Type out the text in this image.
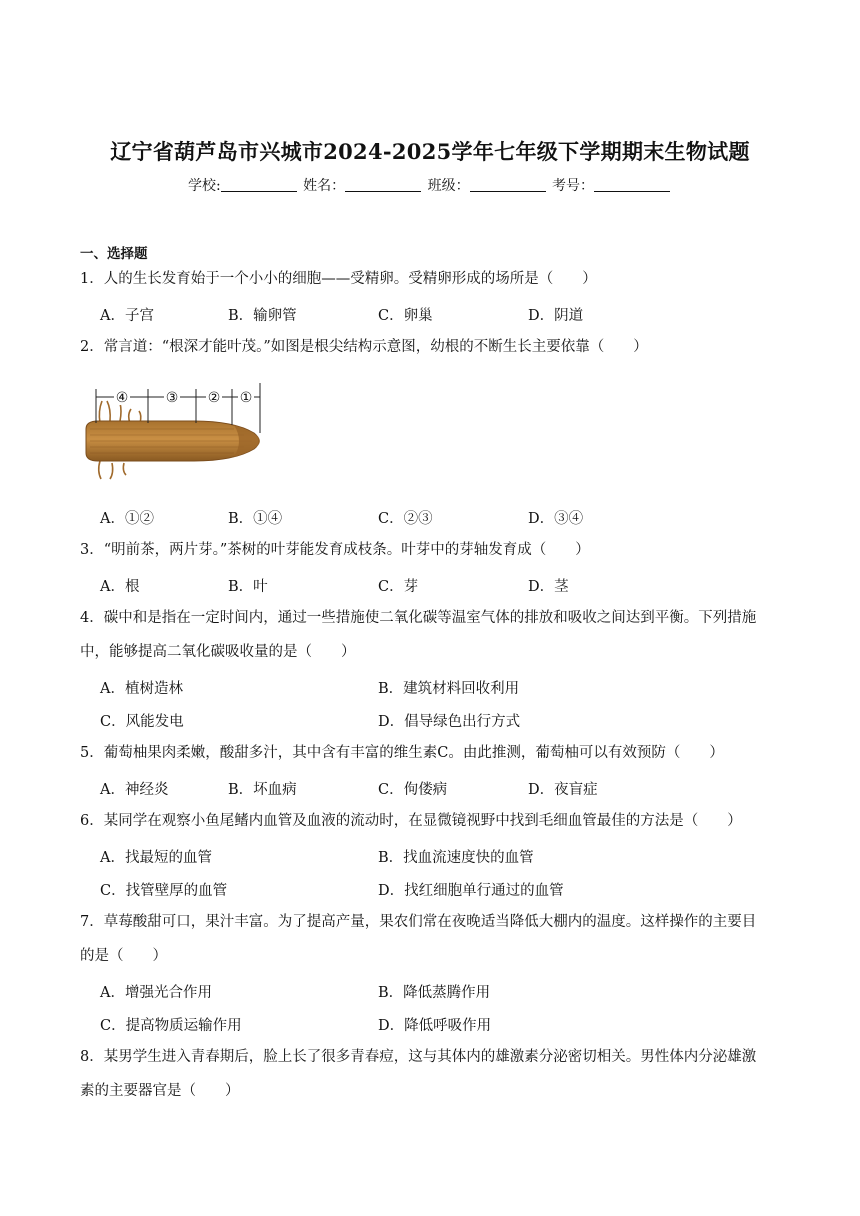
辽宁省葫芦岛市兴城市2024-2025学年七年级下学期期末生物试题
学校:	姓名：	班级：	考号：
一、选择题
1．人的生长发育始于一个小小的细胞——受精卵。受精卵形成的场所是（　　）
A．子宫	B．输卵管	C．卵巢	D．阴道
2．常言道：“根深才能叶茂。”如图是根尖结构示意图，幼根的不断生长主要依靠（　　）
④	③ ② ①
A．①②	B．①④	C．②③	D．③④
3．“明前茶，两片芽。”茶树的叶芽能发育成枝条。叶芽中的芽轴发育成（　　）
A．根	B．叶	C．芽	D．茎
4．碳中和是指在一定时间内，通过一些措施使二氧化碳等温室气体的排放和吸收之间达到平衡。下列措施
中，能够提高二氧化碳吸收量的是（　　）
A．植树造林	B．建筑材料回收利用
C．风能发电	D．倡导绿色出行方式
5．葡萄柚果肉柔嫩，酸甜多汁，其中含有丰富的维生素C。由此推测，葡萄柚可以有效预防（　　）
A．神经炎	B．坏血病	C．佝偻病	D．夜盲症
6．某同学在观察小鱼尾鳍内血管及血液的流动时，在显微镜视野中找到毛细血管最佳的方法是（　　）
A．找最短的血管	B．找血流速度快的血管
C．找管壁厚的血管	D．找红细胞单行通过的血管
7．草莓酸甜可口，果汁丰富。为了提高产量，果农们常在夜晚适当降低大棚内的温度。这样操作的主要目
的是（　　）
A．增强光合作用	B．降低蒸腾作用
C．提高物质运输作用	D．降低呼吸作用
8．某男学生进入青春期后，脸上长了很多青春痘，这与其体内的雄激素分泌密切相关。男性体内分泌雄激
素的主要器官是（　　）
